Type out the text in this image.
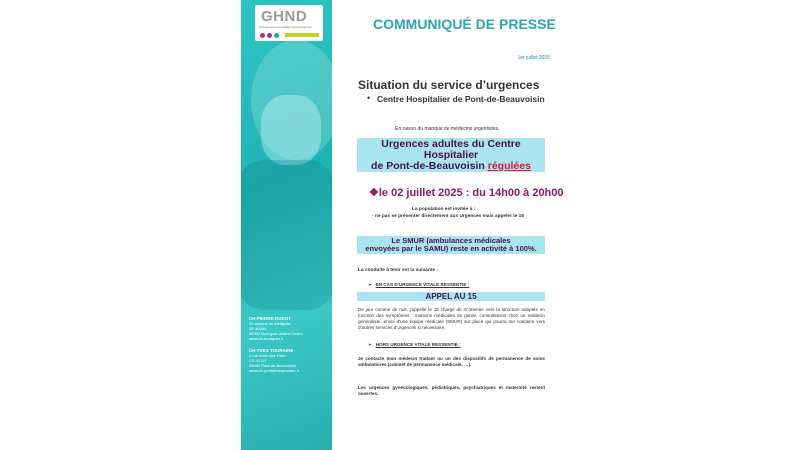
GHND
Groupement Hospitalier Nord-Dauphiné
CH PIERRE OUDOT
30 avenue du Médipôle
BP 40348
38302 Bourgoin-Jallieu Cedex
www.ch-bourgoin.fr
CH YVES TOURAINE
2 rue Ambroise Paré
CS 40157
38480 Pont-de-Beauvoisin
www.ch-pontdebeauvoisin.fr
COMMUNIQUÉ DE PRESSE
1er juillet 2025
Situation du service d’urgences
• Centre Hospitalier de Pont-de-Beauvoisin
En raison du manque de médecins urgentistes,
Urgences adultes du Centre Hospitalier
de Pont-de-Beauvoisin régulées
❖le 02 juillet 2025 : du 14h00 à 20h00
La population est invitée à :
- ne pas se présenter directement aux Urgences mais appeler le 15
Le SMUR (ambulances médicales
envoyées par le SAMU) reste en activité à 100%.
La conduite à tenir est la suivante :
➢ EN CAS D’URGENCE VITALE RESSENTIE :
APPEL AU 15
De jour comme de nuit, j’appelle le 15 chargé de m’orienter vers la structure adaptée en fonction des symptômes : maisons médicales de garde, consultations chez un médecin généraliste, envoi d’une équipe médicale (SMUR) sur place qui pourra me conduire vers d’autres services d’urgences si nécessaire.
➢ HORS URGENCE VITALE RESSENTIE :
Je contacte mon médecin traitant ou un des dispositifs de permanence de soins ambulatoires (cabinet de permanence médicale, …).
Les urgences gynécologiques, pédiatriques, psychiatriques et maternité restent ouvertes.
